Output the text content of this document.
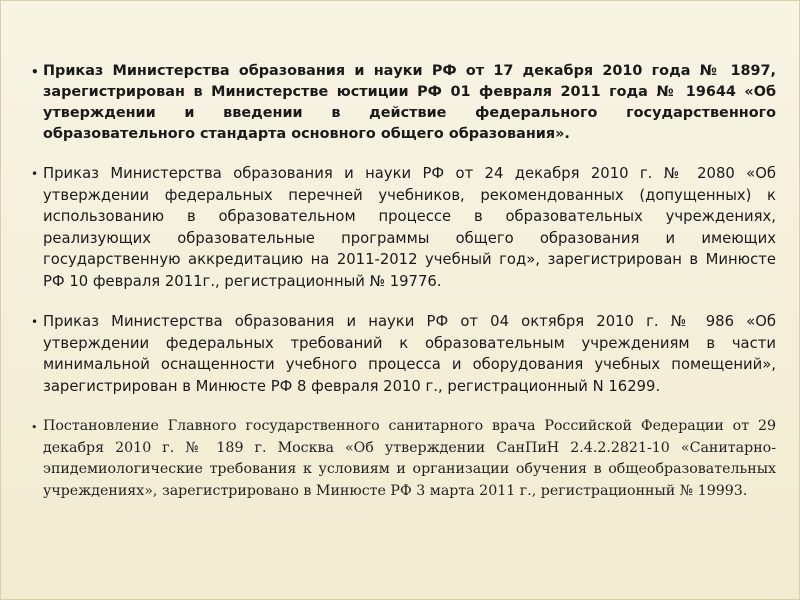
• Приказ Министерства образования и науки РФ от 17 декабря 2010 года № 1897, зарегистрирован в Министерстве юстиции РФ 01 февраля 2011 года № 19644 «Об утверждении и введении в действие федерального государственного образовательного стандарта основного общего образования».
• Приказ Министерства образования и науки РФ от 24 декабря 2010 г. № 2080 «Об утверждении федеральных перечней учебников, рекомендованных (допущенных) к использованию в образовательном процессе в образовательных учреждениях, реализующих образовательные программы общего образования и имеющих государственную аккредитацию на 2011-2012 учебный год», зарегистрирован в Минюсте РФ 10 февраля 2011г., регистрационный № 19776.
• Приказ Министерства образования и науки РФ от 04 октября 2010 г. № 986 «Об утверждении федеральных требований к образовательным учреждениям в части минимальной оснащенности учебного процесса и оборудования учебных помещений», зарегистрирован в Минюсте РФ 8 февраля 2010 г., регистрационный N 16299.
• Постановление Главного государственного санитарного врача Российской Федерации от 29 декабря 2010 г. № 189 г. Москва «Об утверждении СанПиН 2.4.2.2821-10 «Санитарно-эпидемиологические требования к условиям и организации обучения в общеобразовательных учреждениях», зарегистрировано в Минюсте РФ 3 марта 2011 г., регистрационный № 19993.
